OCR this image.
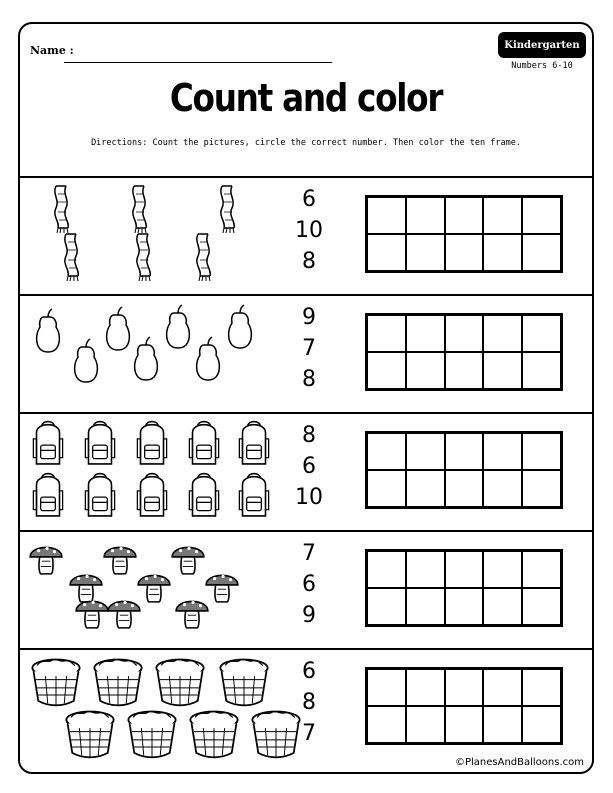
Name :	Kindergarten
Numbers 6-10
Count and color
Directions: Count the pictures, circle the correct number. Then color the ten frame.
6
10
8
9
7
8
8
6
10
7
6
9
6
8
7
©PlanesAndBalloons.com
